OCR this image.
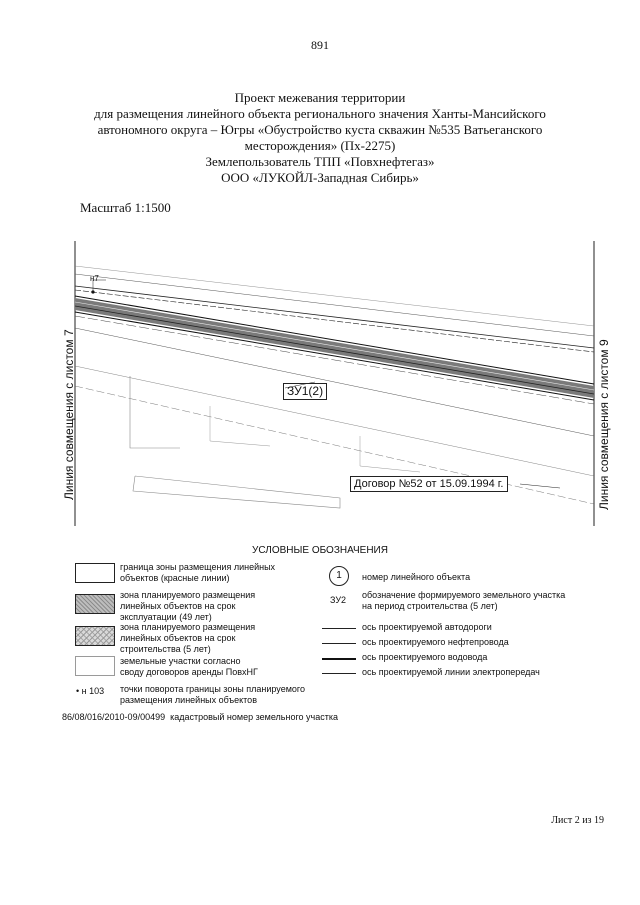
891
Проект межевания территории
для размещения линейного объекта регионального значения Ханты-Мансийского
автономного округа – Югры «Обустройство куста скважин №535 Ватьеганского
месторождения» (Пх-2275)
Землепользователь ТПП «Повхнефтегаз»
ООО «ЛУКОЙЛ-Западная Сибирь»
Масштаб 1:1500
Линия совмещения с листом 7	Линия совмещения с листом 9
ЗУ1(2)
Договор №52 от 15.09.1994 г.
н7
УСЛОВНЫЕ ОБОЗНАЧЕНИЯ
граница зоны размещения линейных
объектов (красные линии)
зона планируемого размещения
линейных объектов на срок
эксплуатации (49 лет)
зона планируемого размещения
линейных объектов на срок
строительства (5 лет)
земельные участки согласно
своду договоров аренды ПовхНГ
• н 103 точки поворота границы зоны планируемого
размещения линейных объектов
1	номер линейного объекта
ЗУ2 обозначение формируемого земельного участка
на период строительства (5 лет)
ось проектируемой автодороги
ось проектируемого нефтепровода
ось проектируемого водовода
ось проектируемой линии электропередач
86/08/016/2010-09/00499 кадастровый номер земельного участка
Лист 2 из 19
